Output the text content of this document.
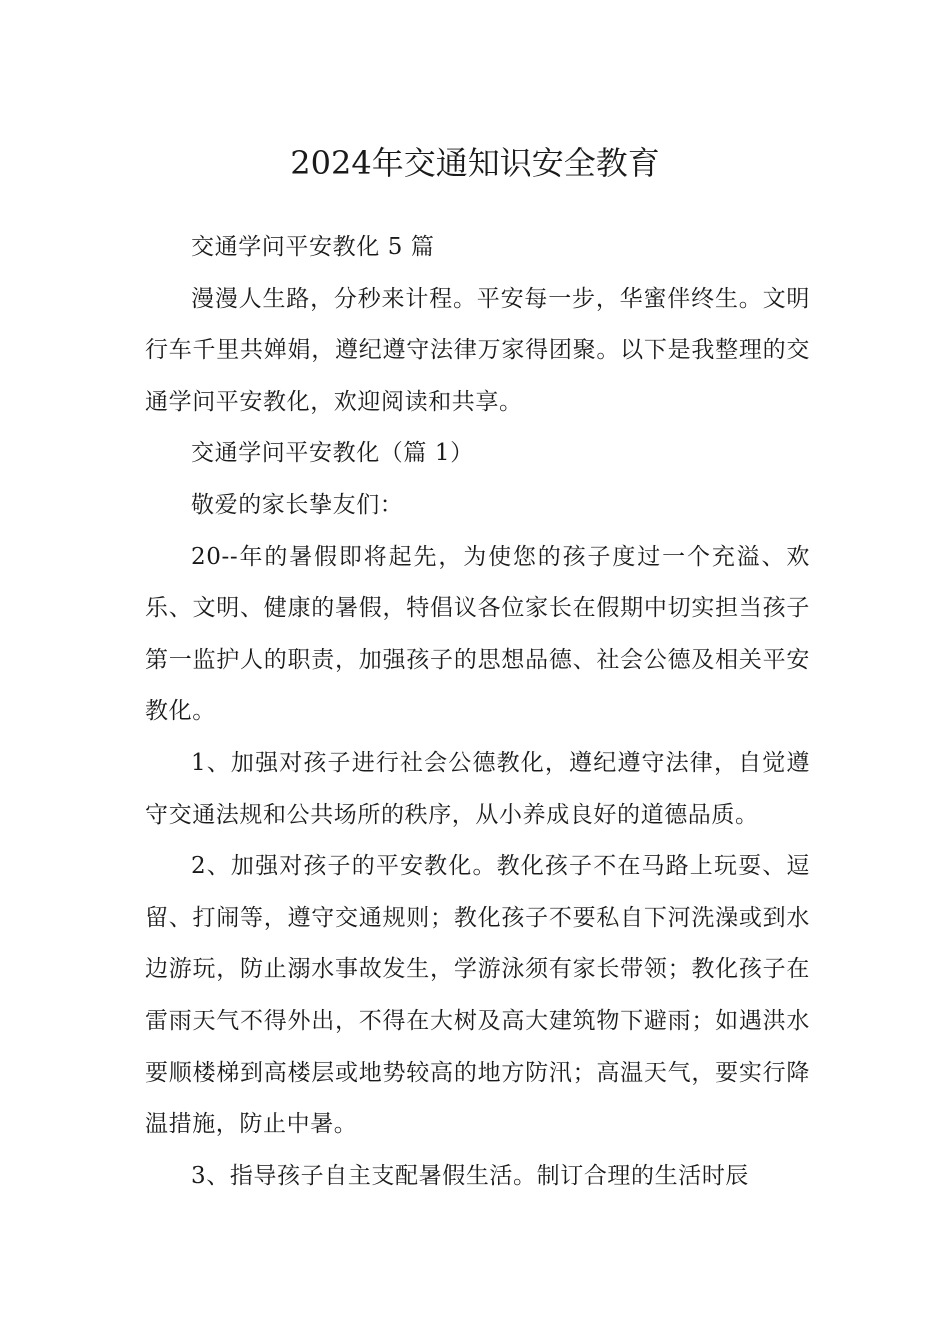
2024年交通知识安全教育

交通学问平安教化 5 篇

漫漫人生路，分秒来计程。平安每一步，华蜜伴终生。文明行车千里共婵娟，遵纪遵守法律万家得团聚。以下是我整理的交通学问平安教化，欢迎阅读和共享。

交通学问平安教化（篇 1）

敬爱的家长挚友们：

20--年的暑假即将起先，为使您的孩子度过一个充溢、欢乐、文明、健康的暑假，特倡议各位家长在假期中切实担当孩子第一监护人的职责，加强孩子的思想品德、社会公德及相关平安教化。

1、加强对孩子进行社会公德教化，遵纪遵守法律，自觉遵守交通法规和公共场所的秩序，从小养成良好的道德品质。

2、加强对孩子的平安教化。教化孩子不在马路上玩耍、逗留、打闹等，遵守交通规则；教化孩子不要私自下河洗澡或到水边游玩，防止溺水事故发生，学游泳须有家长带领；教化孩子在雷雨天气不得外出，不得在大树及高大建筑物下避雨；如遇洪水要顺楼梯到高楼层或地势较高的地方防汛；高温天气，要实行降温措施，防止中暑。

3、指导孩子自主支配暑假生活。制订合理的生活时辰
